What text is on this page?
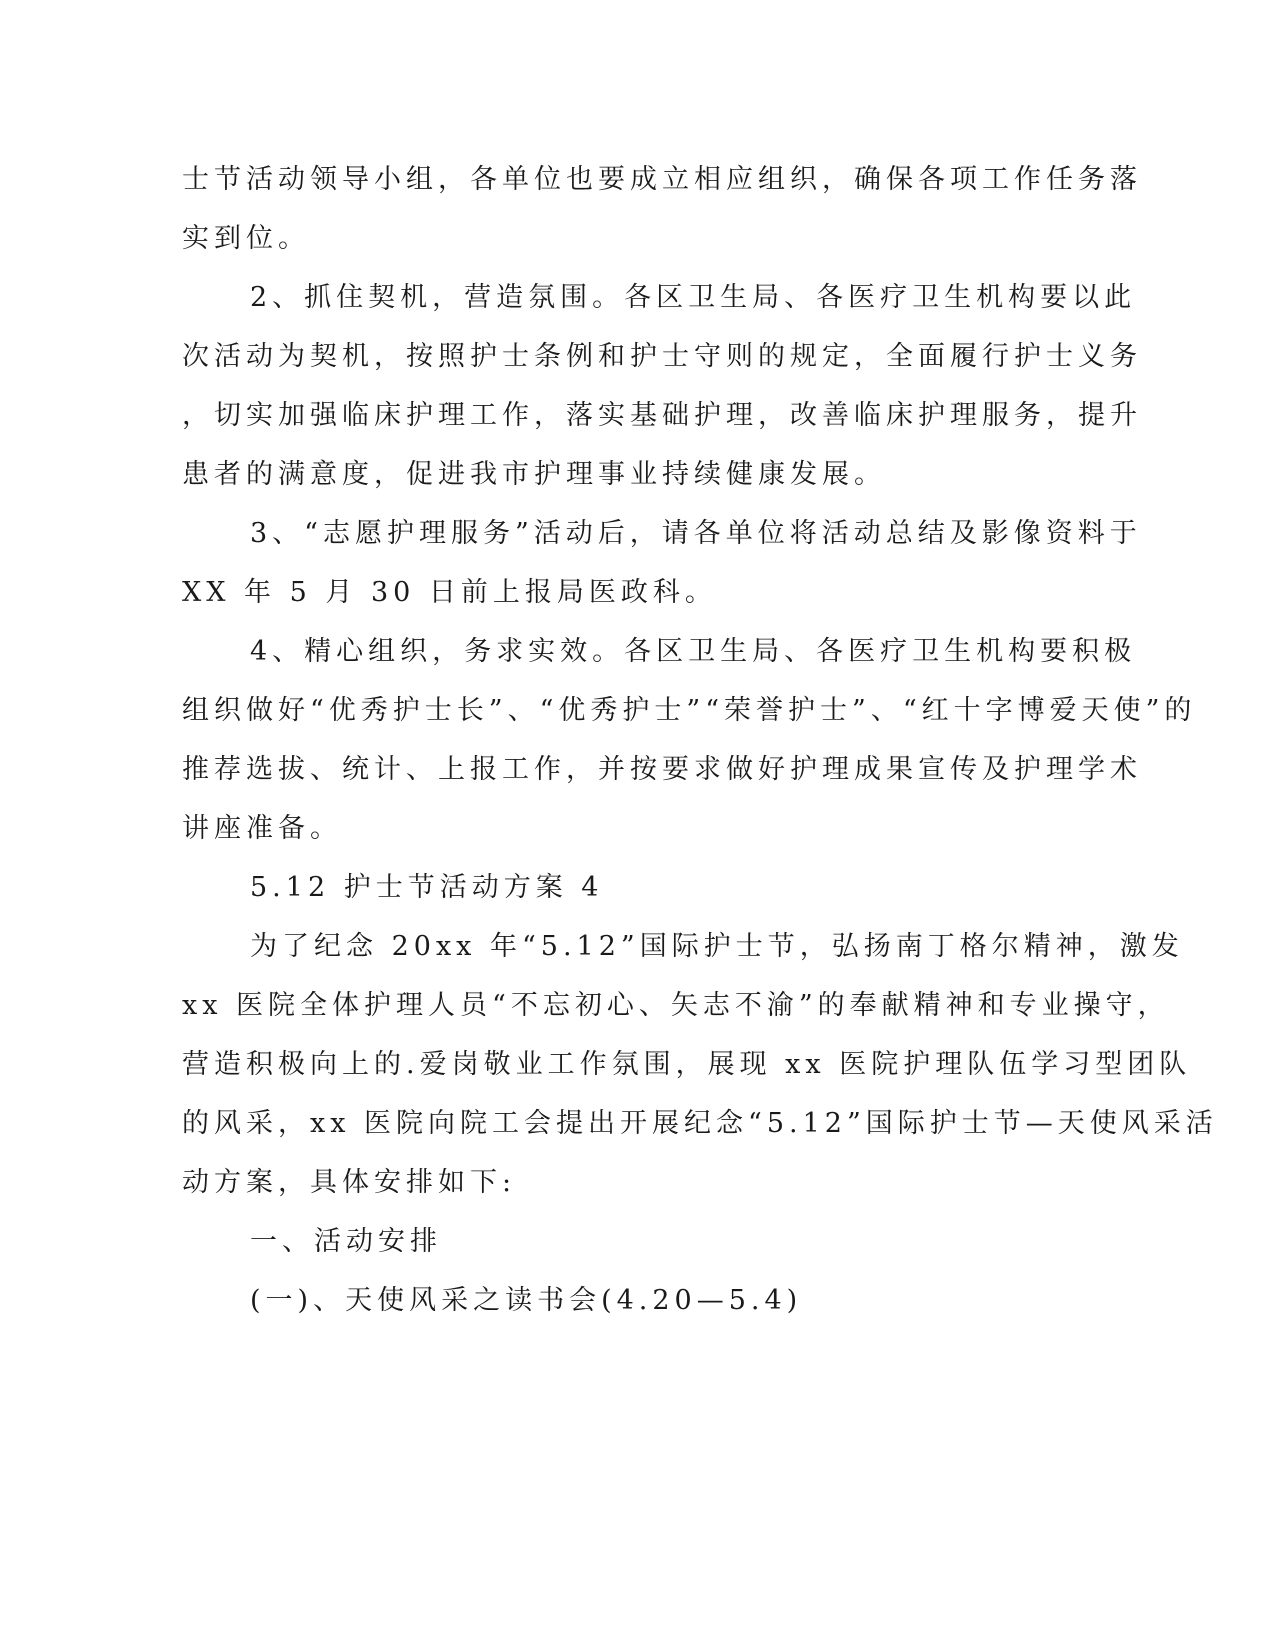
士节活动领导小组，各单位也要成立相应组织，确保各项工作任务落
实到位。
2、抓住契机，营造氛围。各区卫生局、各医疗卫生机构要以此
次活动为契机，按照护士条例和护士守则的规定，全面履行护士义务
，切实加强临床护理工作，落实基础护理，改善临床护理服务，提升
患者的满意度，促进我市护理事业持续健康发展。
3、“志愿护理服务”活动后，请各单位将活动总结及影像资料于
XX 年 5 月 30 日前上报局医政科。
4、精心组织，务求实效。各区卫生局、各医疗卫生机构要积极
组织做好“优秀护士长”、“优秀护士”“荣誉护士”、“红十字博爱天使”的
推荐选拔、统计、上报工作，并按要求做好护理成果宣传及护理学术
讲座准备。
5.12 护士节活动方案 4
为了纪念 20xx 年“5.12”国际护士节，弘扬南丁格尔精神，激发
xx 医院全体护理人员“不忘初心、矢志不渝”的奉献精神和专业操守，
营造积极向上的.爱岗敬业工作氛围，展现 xx 医院护理队伍学习型团队
的风采，xx 医院向院工会提出开展纪念“5.12”国际护士节—天使风采活
动方案，具体安排如下:
一、活动安排
(一)、天使风采之读书会(4.20—5.4)
